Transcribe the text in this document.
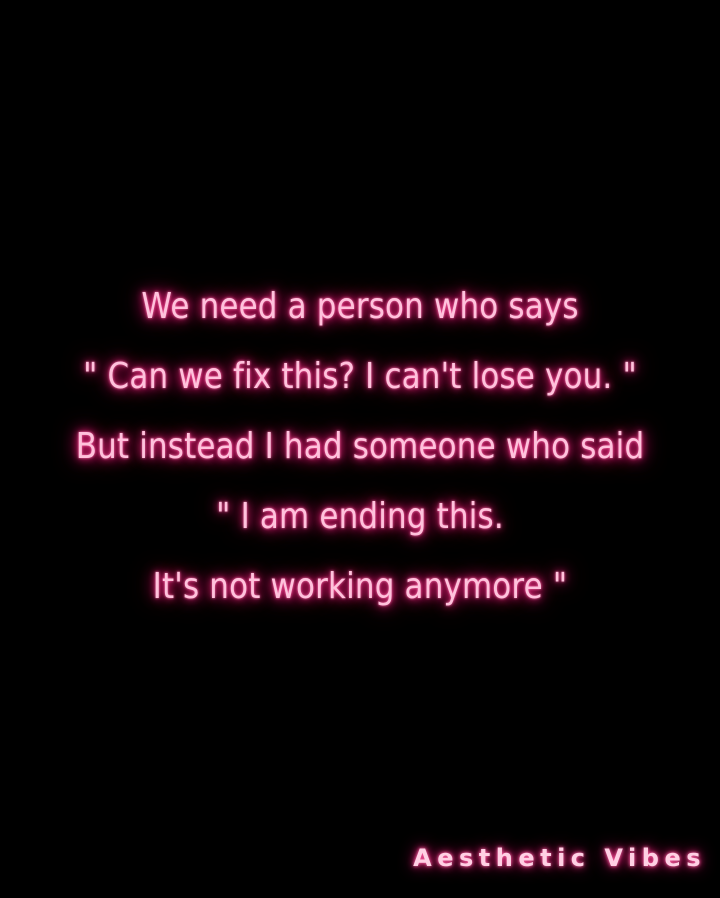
We need a person who says
" Can we fix this? I can't lose you. "
But instead I had someone who said
" I am ending this.
It's not working anymore "
Aesthetic Vibes
